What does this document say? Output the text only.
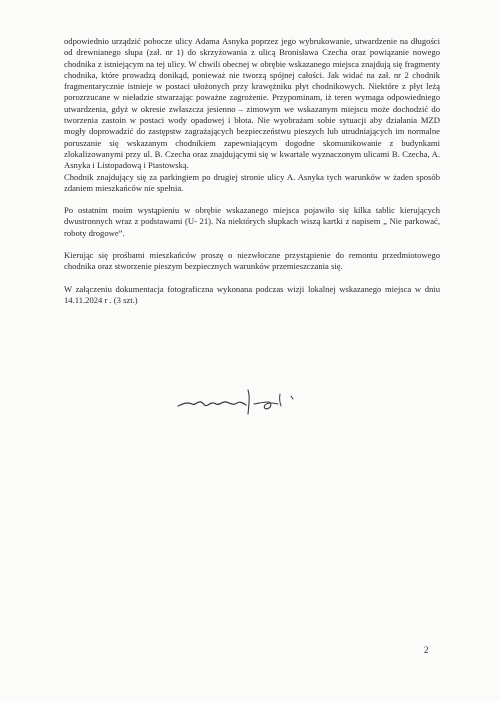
odpowiednio urządzić pobocze ulicy Adama Asnyka poprzez jego wybrukowanie, utwardzenie na długości od drewnianego słupa (zał. nr 1) do skrzyżowania z ulicą Bronisława Czecha oraz powiązanie nowego chodnika z istniejącym na tej ulicy. W chwili obecnej w obrębie wskazanego miejsca znajdują się fragmenty chodnika, które prowadzą donikąd, ponieważ nie tworzą spójnej całości. Jak widać na zał. nr 2 chodnik fragmentarycznie istnieje w postaci ułożonych przy krawężniku płyt chodnikowych. Niektóre z płyt leżą porozrzucane w nieładzie stwarzając poważne zagrożenie. Przypominam, iż teren wymaga odpowiedniego utwardzenia, gdyż w okresie zwłaszcza jesienno – zimowym we wskazanym miejscu może dochodzić do tworzenia zastoin w postaci wody opadowej i błota. Nie wyobrażam sobie sytuacji aby działania MZD mogły doprowadzić do zastępstw zagrażających bezpieczeństwu pieszych lub utrudniających im normalne poruszanie się wskazanym chodnikiem zapewniającym dogodne skomunikowanie z budynkami zlokalizowanymi przy ul. B. Czecha oraz znajdującymi się w kwartale wyznaczonym ulicami B. Czecha, A. Asnyka i Listopadową i Piastowską.

Chodnik znajdujący się za parkingiem po drugiej stronie ulicy A. Asnyka tych warunków w żaden sposób zdaniem mieszkańców nie spełnia.

Po ostatnim moim wystąpieniu w obrębie wskazanego miejsca pojawiło się kilka tablic kierujących dwustronnych wraz z podstawami (U- 21). Na niektórych słupkach wiszą kartki z napisem „ Nie parkować, roboty drogowe”.

Kierując się prośbami mieszkańców proszę o niezwłoczne przystąpienie do remontu przedmiotowego chodnika oraz stworzenie pieszym bezpiecznych warunków przemieszczania się.

W załączeniu dokumentacja fotograficzna wykonana podczas wizji lokalnej wskazanego miejsca w dniu 14.11.2024 r . (3 szt.)

2
